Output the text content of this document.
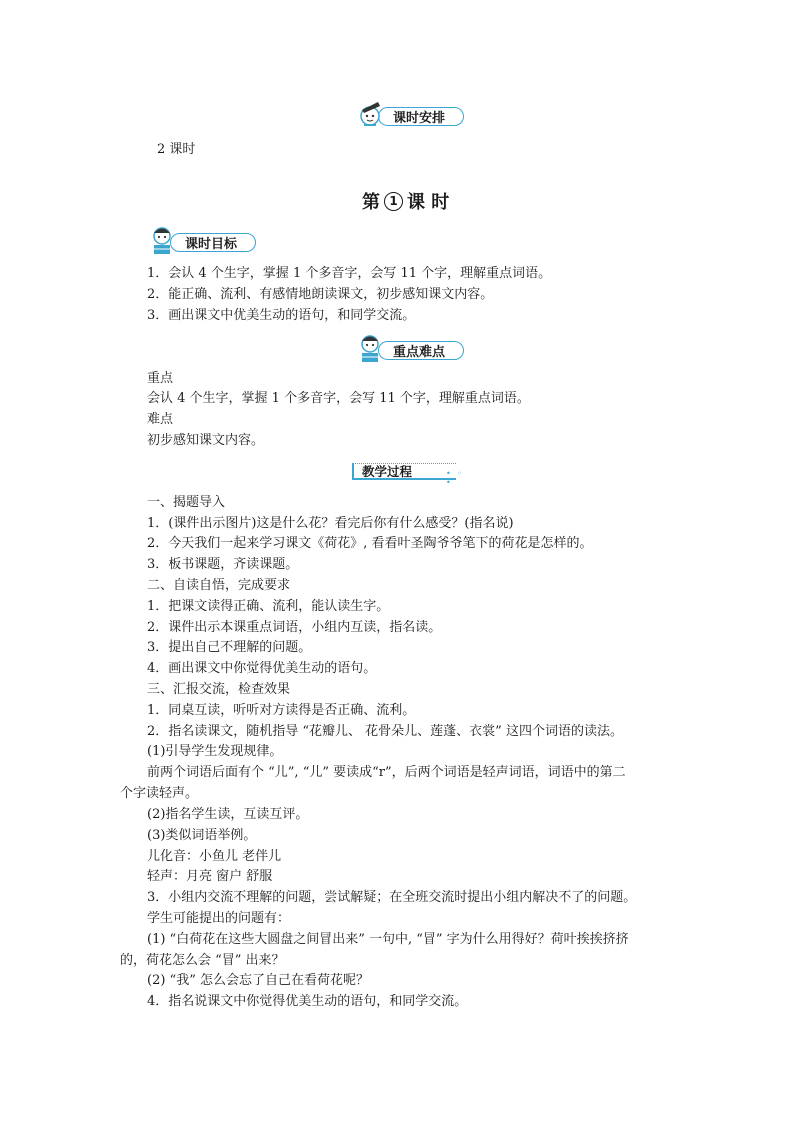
课时安排
2 课时
第 1 课 时
课时目标
1．会认 4 个生字，掌握 1 个多音字，会写 11 个字，理解重点词语。
2．能正确、流利、有感情地朗读课文，初步感知课文内容。
3．画出课文中优美生动的语句，和同学交流。
重点难点
重点
会认 4 个生字，掌握 1 个多音字，会写 11 个字，理解重点词语。
难点
初步感知课文内容。
教学过程	• ◦ •
一、揭题导入
1．(课件出示图片)这是什么花？看完后你有什么感受？(指名说)
2．今天我们一起来学习课文《荷花》, 看看叶圣陶爷爷笔下的荷花是怎样的。
3．板书课题，齐读课题。
二、自读自悟，完成要求
1．把课文读得正确、流利，能认读生字。
2．课件出示本课重点词语，小组内互读，指名读。
3．提出自己不理解的问题。
4．画出课文中你觉得优美生动的语句。
三、汇报交流，检查效果
1．同桌互读，听听对方读得是否正确、流利。
2．指名读课文，随机指导 “花瓣儿、 花骨朵儿、莲蓬、衣裳” 这四个词语的读法。
(1)引导学生发现规律。
前两个词语后面有个 “儿”, “儿” 要读成“r”，后两个词语是轻声词语，词语中的第二
个字读轻声。
(2)指名学生读，互读互评。
(3)类似词语举例。
儿化音：小鱼儿 老伴儿
轻声：月亮 窗户 舒服
3．小组内交流不理解的问题，尝试解疑；在全班交流时提出小组内解决不了的问题。
学生可能提出的问题有：
(1) “白荷花在这些大圆盘之间冒出来” 一句中, “冒” 字为什么用得好？荷叶挨挨挤挤
的，荷花怎么会 “冒” 出来？
(2) “我” 怎么会忘了自己在看荷花呢？
4．指名说课文中你觉得优美生动的语句，和同学交流。
